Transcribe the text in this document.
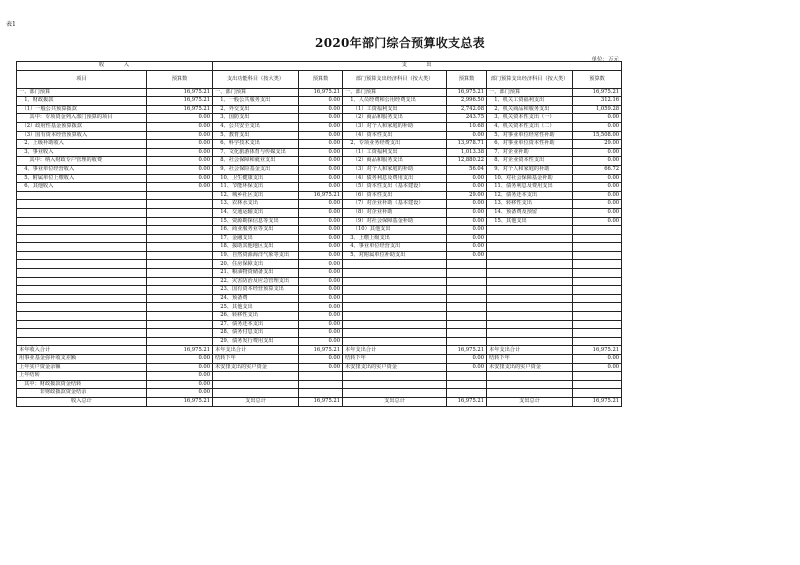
表1
2020年部门综合预算收支总表
单位：万元
收　　　入		支　　　出					
项目	预算数	支出功能科目（按大类）	预算数	部门预算支出经济科目（按大类）	预算数	部门预算支出经济科目（按大类）	预算数
一、部门预算	16,975.21	一、部门预算	16,975.21	一、部门预算	16,975.21	一、部门预算	16,975.21
　1、财政拨款	16,975.21	　1、一般公共服务支出	0.00	　1、人员经费和公用经费支出	2,996.50	　1、机关工资福利支出	312.16
　（1）一般公共预算拨款	16,975.21	　2、外交支出	0.00	　　（1）工资福利支出	2,742.08	　2、机关商品和服务支出	1,059.28
　　其中：专项资金列入部门预算的项目	0.00	　3、国防支出	0.00	　　（2）商品和服务支出	243.75	　3、机关资本性支出（一）	0.00
　（2）政府性基金预算拨款	0.00	　4、公共安全支出	0.00	　　（3）对个人和家庭的补助	10.68	　4、机关资本性支出（二）	0.00
　（3）国有资本经营预算收入	0.00	　5、教育支出	0.00	　　（4）资本性支出	0.00	　5、对事业单位经常性补助	15,508.00
　2、上级补助收入	0.00	　6、科学技术支出	0.00	　2、专项业务经费支出	13,978.71	　6、对事业单位资本性补助	29.00
　3、事业收入	0.00	　7、文化旅游体育与传媒支出	0.00	　　（1）工资福利支出	1,013.38	　7、对企业补助	0.00
　　其中：纳入财政专户管理的收费	0.00	　8、社会保障和就业支出	0.00	　　（2）商品和服务支出	12,880.22	　8、对企业资本性支出	0.00
　4、事业单位经营收入	0.00	　9、社会保险基金支出	0.00	　　（3）对个人和家庭的补助	56.04	　9、对个人和家庭的补助	66.72
　5、附属单位上缴收入	0.00	　10、卫生健康支出	0.00	　　（4）债务利息及费用支出	0.00	　10、对社会保障基金补助	0.00
　6、其他收入	0.00	　11、节能环保支出	0.00	　　（5）资本性支出（基本建设）	0.00	　11、债务利息及费用支出	0.00
		　12、城乡社区支出	16,975.21	　　（6）资本性支出	29.00	　12、债务还本支出	0.00
		　13、农林水支出	0.00	　　（7）对企业补助（基本建设）	0.00	　13、转移性支出	0.00
		　14、交通运输支出	0.00	　　（8）对企业补助	0.00	　14、预备费及预留	0.00
		　15、资源勘探信息等支出	0.00	　　（9）对社会保障基金补助	0.00	　15、其他支出	0.00
		　16、商业服务业等支出	0.00	　　（10）其他支出	0.00		
		　17、金融支出	0.00	　3、上缴上级支出	0.00		
		　18、援助其他地区支出	0.00	　4、事业单位经营支出	0.00		
		　19、自然资源海洋气象等支出	0.00	　5、对附属单位补助支出	0.00		
		　20、住房保障支出	0.00				
		　21、粮油物资储备支出	0.00				
		　22、灾害防治及应急管理支出	0.00				
		　23、国有资本经营预算支出	0.00				
		　24、预备费	0.00				
		　25、其他支出	0.00				
		　26、转移性支出	0.00				
		　27、债务还本支出	0.00				
		　28、债务付息支出	0.00				
		　29、债务发行费用支出	0.00				
本年收入合计	16,975.21	本年支出合计	16,975.21	本年支出合计	16,975.21	本年支出合计	16,975.21
用事业基金弥补收支差额	0.00	结转下年	0.00	结转下年	0.00	结转下年	0.00
上年实户资金余额	0.00	未安排支出的实户资金	0.00	未安排支出的实户资金	0.00	未安排支出的实户资金	0.00
上年结转	0.00						
　其中：财政拨款资金结转	0.00						
　　　　非财政拨款资金结余	0.00						
收入总计	16,975.21	支出总计	16,975.21	支出总计	16,975.21	支出总计	16,975.21
